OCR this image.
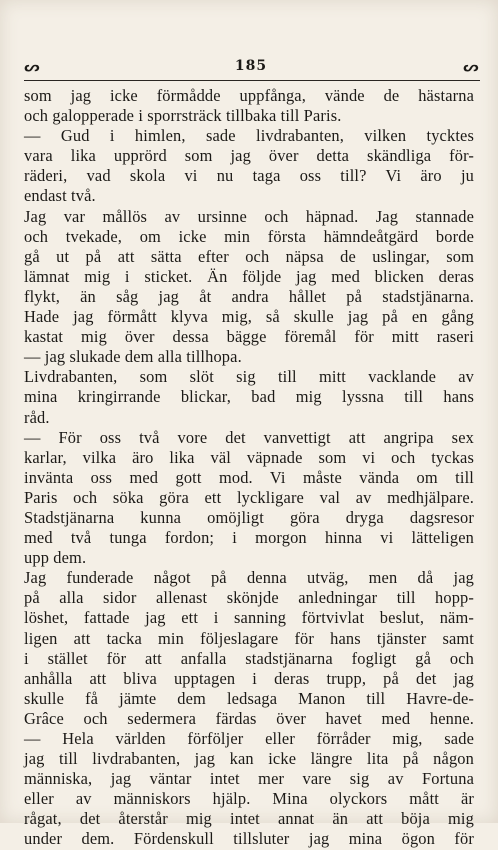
ᔕ	185	ᔕ
som jag icke förmådde uppfånga, vände de hästarna
och galopperade i sporrsträck tillbaka till Paris.
— Gud i himlen, sade livdrabanten, vilken tycktes
vara lika upprörd som jag över detta skändliga för-
räderi, vad skola vi nu taga oss till? Vi äro ju
endast två.
Jag var mållös av ursinne och häpnad. Jag stannade
och tvekade, om icke min första hämndeåtgärd borde
gå ut på att sätta efter och näpsa de uslingar, som
lämnat mig i sticket. Än följde jag med blicken deras
flykt, än såg jag åt andra hållet på stadstjänarna.
Hade jag förmått klyva mig, så skulle jag på en gång
kastat mig över dessa bägge föremål för mitt raseri
— jag slukade dem alla tillhopa.
Livdrabanten, som slöt sig till mitt vacklande av
mina kringirrande blickar, bad mig lyssna till hans
råd.
— För oss två vore det vanvettigt att angripa sex
karlar, vilka äro lika väl väpnade som vi och tyckas
invänta oss med gott mod. Vi måste vända om till
Paris och söka göra ett lyckligare val av medhjälpare.
Stadstjänarna kunna omöjligt göra dryga dagsresor
med två tunga fordon; i morgon hinna vi lätteligen
upp dem.
Jag funderade något på denna utväg, men då jag
på alla sidor allenast skönjde anledningar till hopp-
löshet, fattade jag ett i sanning förtvivlat beslut, näm-
ligen att tacka min följeslagare för hans tjänster samt
i stället för att anfalla stadstjänarna fogligt gå och
anhålla att bliva upptagen i deras trupp, på det jag
skulle få jämte dem ledsaga Manon till Havre-de-
Grâce och sedermera färdas över havet med henne.
— Hela världen förföljer eller förråder mig, sade
jag till livdrabanten, jag kan icke längre lita på någon
människa, jag väntar intet mer vare sig av Fortuna
eller av människors hjälp. Mina olyckors mått är
rågat, det återstår mig intet annat än att böja mig
under dem. Fördenskull tillsluter jag mina ögon för
